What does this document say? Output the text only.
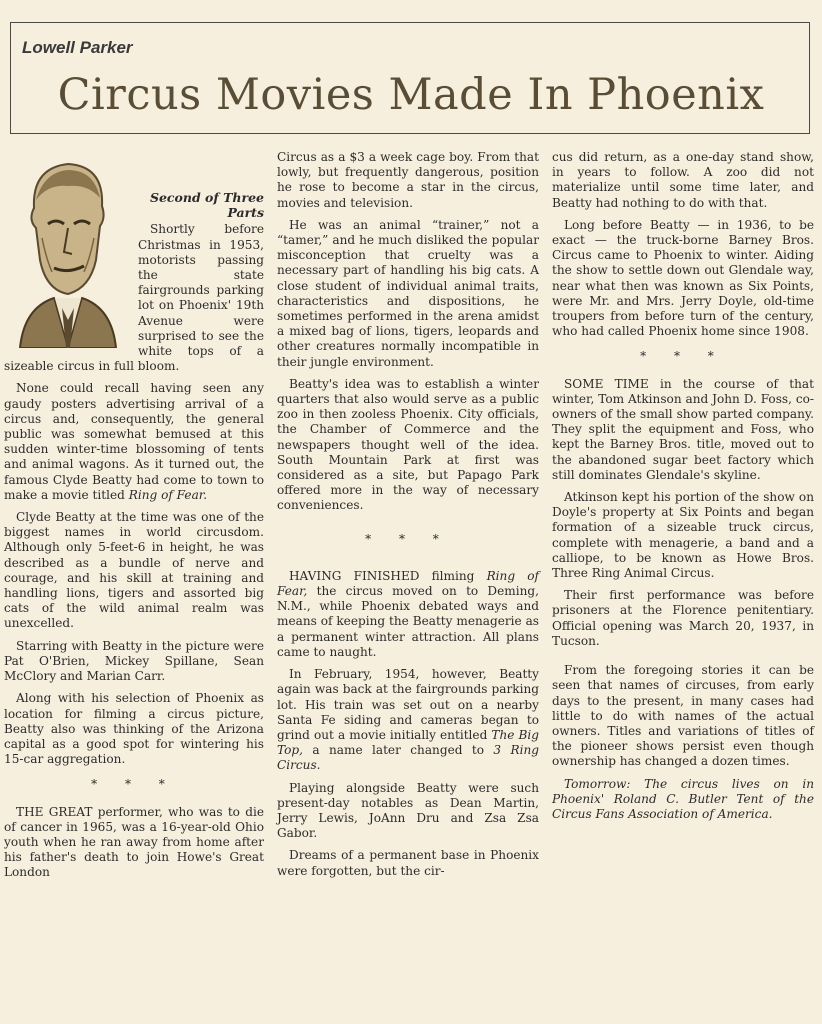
Lowell Parker
Circus Movies Made In Phoenix
Second of Three Parts

Shortly before Christmas in 1953, motorists passing the state fairgrounds parking lot on Phoenix' 19th Avenue were surprised to see the white tops of a sizeable circus in full bloom.

None could recall having seen any gaudy posters advertising arrival of a circus and, consequently, the general public was somewhat bemused at this sudden winter-time blossoming of tents and animal wagons. As it turned out, the famous Clyde Beatty had come to town to make a movie titled Ring of Fear.

Clyde Beatty at the time was one of the biggest names in world circusdom. Although only 5-feet-6 in height, he was described as a bundle of nerve and courage, and his skill at training and handling lions, tigers and assorted big cats of the wild animal realm was unexcelled.

Starring with Beatty in the picture were Pat O'Brien, Mickey Spillane, Sean McClory and Marian Carr.

Along with his selection of Phoenix as location for filming a circus picture, Beatty also was thinking of the Arizona capital as a good spot for wintering his 15-car aggregation.

* * *

THE GREAT performer, who was to die of cancer in 1965, was a 16-year-old Ohio youth when he ran away from home after his father's death to join Howe's Great London

Circus as a $3 a week cage boy. From that lowly, but frequently dangerous, position he rose to become a star in the circus, movies and television.

He was an animal “trainer,” not a “tamer,” and he much disliked the popular misconception that cruelty was a necessary part of handling his big cats. A close student of individual animal traits, characteristics and dispositions, he sometimes performed in the arena amidst a mixed bag of lions, tigers, leopards and other creatures normally incompatible in their jungle environment.

Beatty's idea was to establish a winter quarters that also would serve as a public zoo in then zooless Phoenix. City officials, the Chamber of Commerce and the newspapers thought well of the idea. South Mountain Park at first was considered as a site, but Papago Park offered more in the way of necessary conveniences.

* * *

HAVING FINISHED filming Ring of Fear, the circus moved on to Deming, N.M., while Phoenix debated ways and means of keeping the Beatty menagerie as a permanent winter attraction. All plans came to naught.

In February, 1954, however, Beatty again was back at the fairgrounds parking lot. His train was set out on a nearby Santa Fe siding and cameras began to grind out a movie initially entitled The Big Top, a name later changed to 3 Ring Circus.

Playing alongside Beatty were such present-day notables as Dean Martin, Jerry Lewis, JoAnn Dru and Zsa Zsa Gabor.

Dreams of a permanent base in Phoenix were forgotten, but the cir-

cus did return, as a one-day stand show, in years to follow. A zoo did not materialize until some time later, and Beatty had nothing to do with that.

Long before Beatty — in 1936, to be exact — the truck-borne Barney Bros. Circus came to Phoenix to winter. Aiding the show to settle down out Glendale way, near what then was known as Six Points, were Mr. and Mrs. Jerry Doyle, old-time troupers from before turn of the century, who had called Phoenix home since 1908.

* * *

SOME TIME in the course of that winter, Tom Atkinson and John D. Foss, co-owners of the small show parted company. They split the equipment and Foss, who kept the Barney Bros. title, moved out to the abandoned sugar beet factory which still dominates Glendale's skyline.

Atkinson kept his portion of the show on Doyle's property at Six Points and began formation of a sizeable truck circus, complete with menagerie, a band and a calliope, to be known as Howe Bros. Three Ring Animal Circus.

Their first performance was before prisoners at the Florence penitentiary. Official opening was March 20, 1937, in Tucson.

From the foregoing stories it can be seen that names of circuses, from early days to the present, in many cases had little to do with names of the actual owners. Titles and variations of titles of the pioneer shows persist even though ownership has changed a dozen times.

Tomorrow: The circus lives on in Phoenix' Roland C. Butler Tent of the Circus Fans Association of America.
